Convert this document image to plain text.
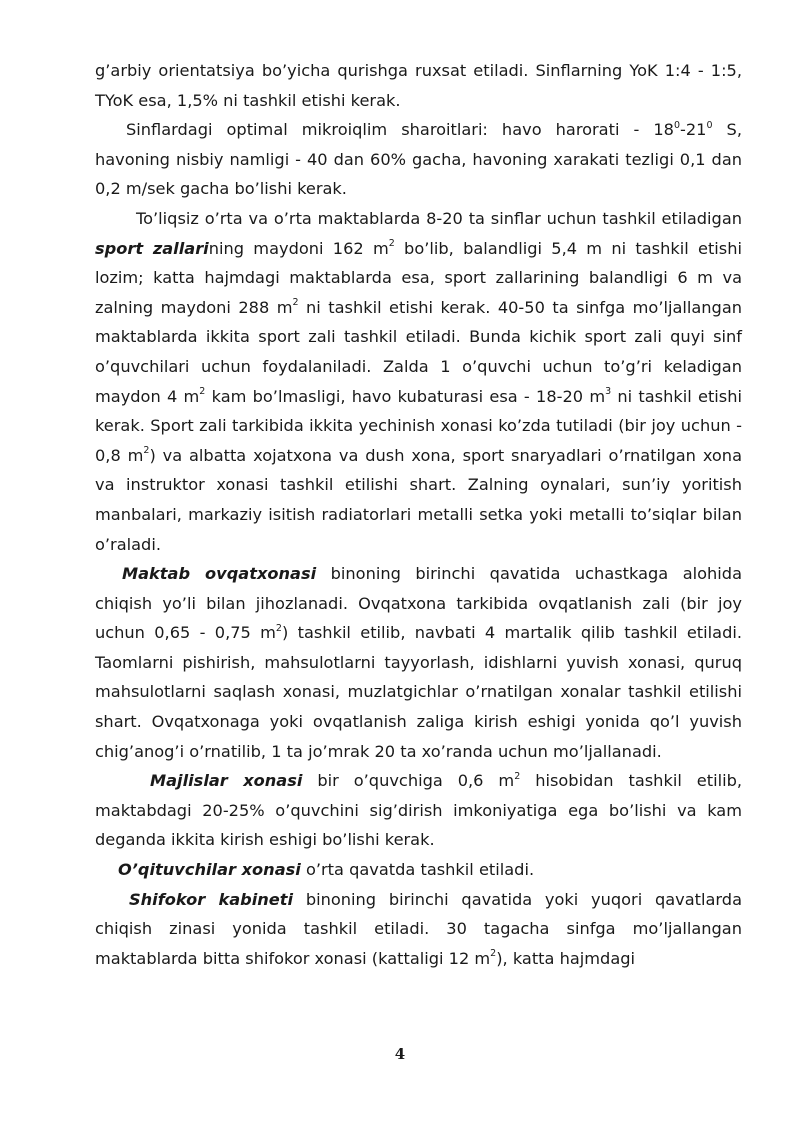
g’arbiy orientatsiya bo’yicha qurishga ruxsat etiladi. Sinflarning YoK 1:4 - 1:5, TYoK esa, 1,5% ni tashkil etishi kerak.

Sinflardagi optimal mikroiqlim sharoitlari: havo harorati - $18^0-21^0$ S, havoning nisbiy namligi - 40 dan 60% gacha, havoning xarakati tezligi 0,1 dan 0,2 m/sek gacha bo’lishi kerak.

To’liqsiz o’rta va o’rta maktablarda 8-20 ta sinflar uchun tashkil etiladigan sport zallarining maydoni 162 $m^2$ bo’lib, balandligi 5,4 m ni tashkil etishi lozim; katta hajmdagi maktablarda esa, sport zallarining balandligi 6 m va zalning maydoni 288 $m^2$ ni tashkil etishi kerak. 40-50 ta sinfga mo’ljallangan maktablarda ikkita sport zali tashkil etiladi. Bunda kichik sport zali quyi sinf o’quvchilari uchun foydalaniladi. Zalda 1 o’quvchi uchun to’g’ri keladigan maydon 4 $m^2$ kam bo’lmasligi, havo kubaturasi esa - 18-20 $m^3$ ni tashkil etishi kerak. Sport zali tarkibida ikkita yechinish xonasi ko’zda tutiladi (bir joy uchun - 0,8 $m^2$) va albatta xojatxona va dush xona, sport snaryadlari o’rnatilgan xona va instruktor xonasi tashkil etilishi shart. Zalning oynalari, sun’iy yoritish manbalari, markaziy isitish radiatorlari metalli setka yoki metalli to’siqlar bilan o’raladi.

Maktab ovqatxonasi binoning birinchi qavatida uchastkaga alohida chiqish yo’li bilan jihozlanadi. Ovqatxona tarkibida ovqatlanish zali (bir joy uchun 0,65 - 0,75 $m^2$) tashkil etilib, navbati 4 martalik qilib tashkil etiladi. Taomlarni pishirish, mahsulotlarni tayyorlash, idishlarni yuvish xonasi, quruq mahsulotlarni saqlash xonasi, muzlatgichlar o’rnatilgan xonalar tashkil etilishi shart. Ovqatxonaga yoki ovqatlanish zaliga kirish eshigi yonida qo’l yuvish chig’anog’i o’rnatilib, 1 ta jo’mrak 20 ta xo’randa uchun mo’ljallanadi.

Majlislar xonasi bir o’quvchiga 0,6 $m^2$ hisobidan tashkil etilib, maktabdagi 20-25% o’quvchini sig’dirish imkoniyatiga ega bo’lishi va kam deganda ikkita kirish eshigi bo’lishi kerak.

O’qituvchilar xonasi o’rta qavatda tashkil etiladi.

Shifokor kabineti binoning birinchi qavatida yoki yuqori qavatlarda chiqish zinasi yonida tashkil etiladi. 30 tagacha sinfga mo’ljallangan maktablarda bitta shifokor xonasi (kattaligi 12 $m^2$), katta hajmdagi

4
